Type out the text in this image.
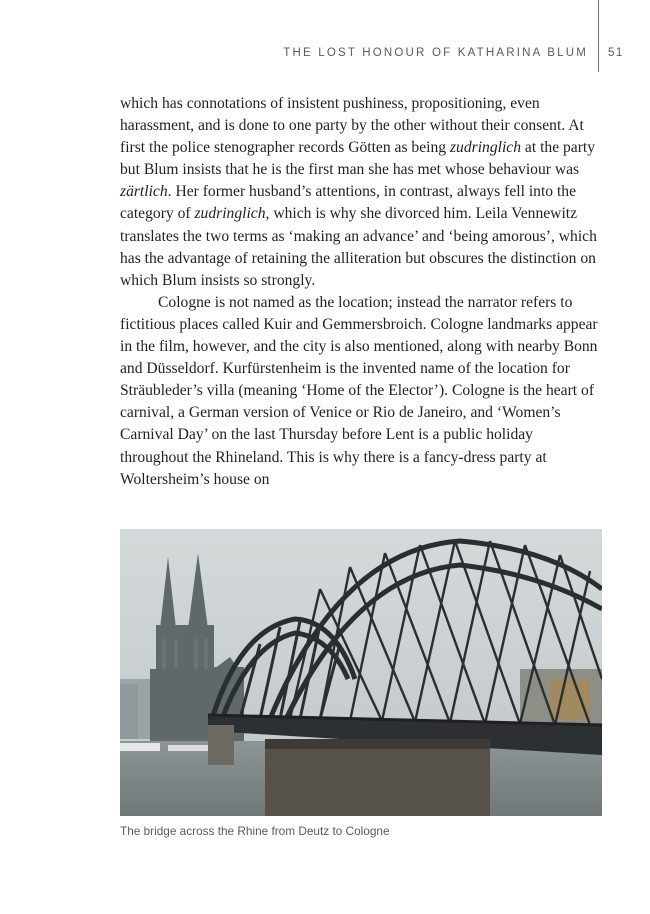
THE LOST HONOUR OF KATHARINA BLUM 51

which has connotations of insistent pushiness, propositioning, even harassment, and is done to one party by the other without their consent. At first the police stenographer records Götten as being zudringlich at the party but Blum insists that he is the first man she has met whose behaviour was zärtlich. Her former husband’s attentions, in contrast, always fell into the category of zudringlich, which is why she divorced him. Leila Vennewitz translates the two terms as ‘making an advance’ and ‘being amorous’, which has the advantage of retaining the alliteration but obscures the distinction on which Blum insists so strongly.

Cologne is not named as the location; instead the narrator refers to fictitious places called Kuir and Gemmersbroich. Cologne landmarks appear in the film, however, and the city is also mentioned, along with nearby Bonn and Düsseldorf. Kurfürstenheim is the invented name of the location for Sträubleder’s villa (meaning ‘Home of the Elector’). Cologne is the heart of carnival, a German version of Venice or Rio de Janeiro, and ‘Women’s Carnival Day’ on the last Thursday before Lent is a public holiday throughout the Rhineland. This is why there is a fancy-dress party at Woltersheim’s house on

The bridge across the Rhine from Deutz to Cologne
